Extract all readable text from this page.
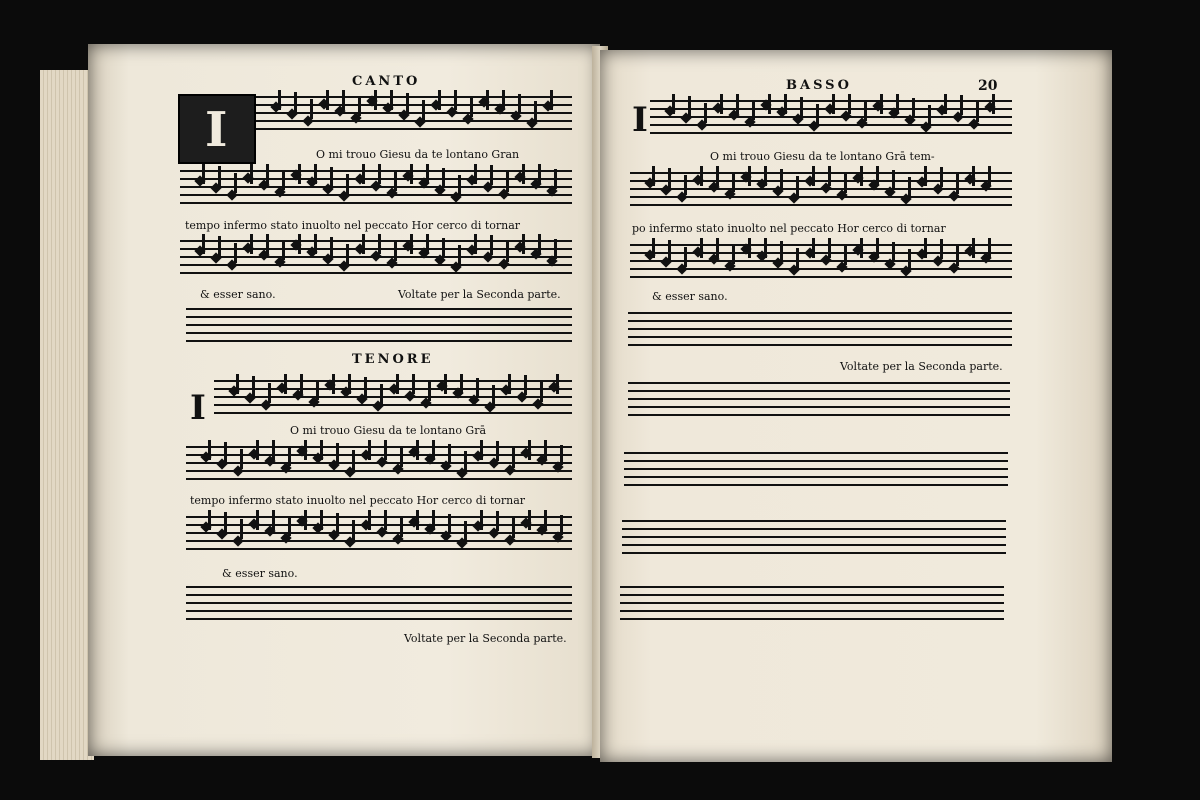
CANTO
I	O mi trouo Giesu da te lontano Gran
tempo infermo stato inuolto nel peccato Hor cerco di tornar
& esser sano.	Voltate per la Seconda parte.
TENORE
I
O mi trouo Giesu da te lontano Grā
tempo infermo stato inuolto nel peccato Hor cerco di tornar
& esser sano.
Voltate per la Seconda parte.
BASSO	20
I
O mi trouo Giesu da te lontano Grā tem-
po infermo stato inuolto nel peccato Hor cerco di tornar
& esser sano.
Voltate per la Seconda parte.
